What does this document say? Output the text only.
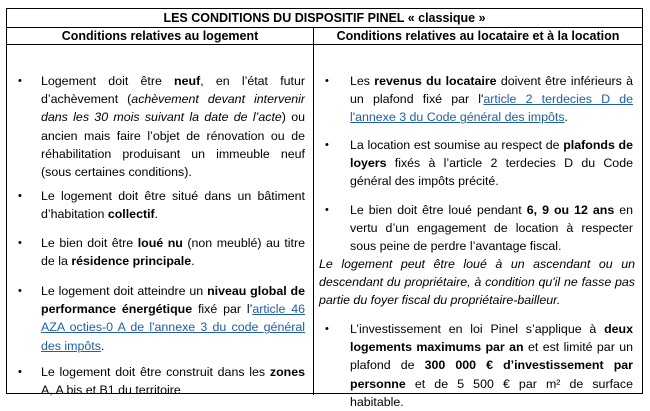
LES CONDITIONS DU DISPOSITIF PINEL « classique »
Conditions relatives au logement	Conditions relatives au locataire et à la location
• Logement doit être neuf, en l’état futur d’achèvement (achèvement devant intervenir dans les 30 mois suivant la date de l’acte) ou ancien mais faire l’objet de rénovation ou de réhabilitation produisant un immeuble neuf (sous certaines conditions).
• Le logement doit être situé dans un bâtiment d’habitation collectif.
• Le bien doit être loué nu (non meublé) au titre de la résidence principale.
• Le logement doit atteindre un niveau global de performance énergétique fixé par l’article 46 AZA octies-0 A de l'annexe 3 du code général des impôts.
• Le logement doit être construit dans les zones A, A bis et B1 du territoire
• Les revenus du locataire doivent être inférieurs à un plafond fixé par l'article 2 terdecies D de l'annexe 3 du Code général des impôts.
• La location est soumise au respect de plafonds de loyers fixés à l’article 2 terdecies D du Code général des impôts précité.
• Le bien doit être loué pendant 6, 9 ou 12 ans en vertu d’un engagement de location à respecter sous peine de perdre l’avantage fiscal.
Le logement peut être loué à un ascendant ou un descendant du propriétaire, à condition qu'il ne fasse pas partie du foyer fiscal du propriétaire-bailleur.
• L’investissement en loi Pinel s’applique à deux logements maximums par an et est limité par un plafond de 300 000 € d’investissement par personne et de 5 500 € par m² de surface habitable.
